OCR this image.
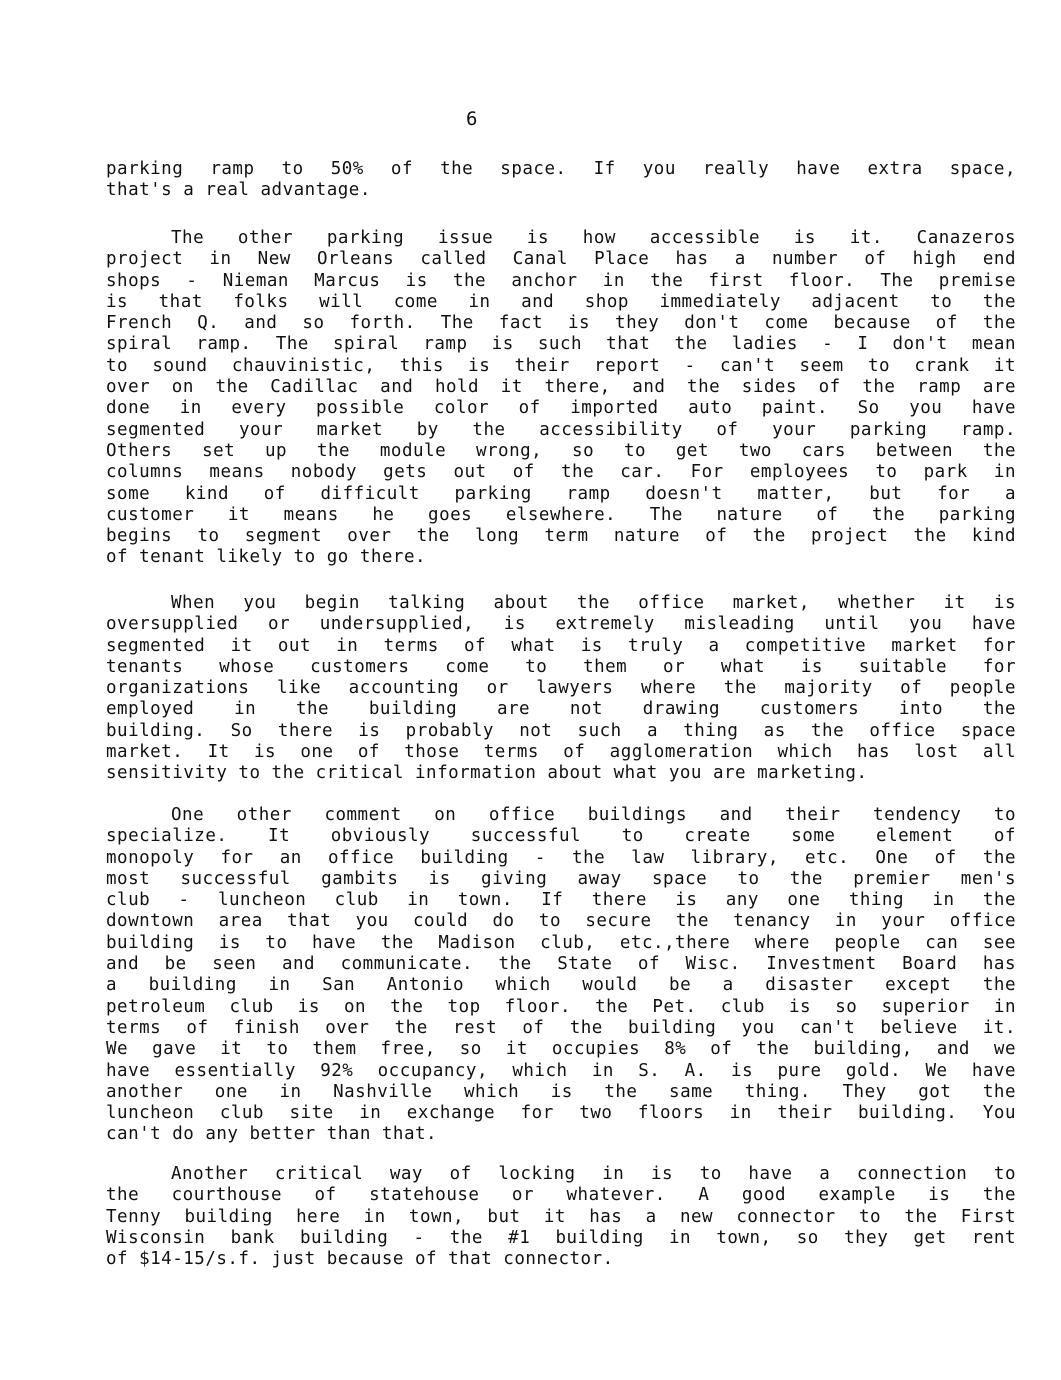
6
parking ramp to 50% of the space. If you really have extra space,
that's a real advantage.
The other parking issue is how accessible is it. Canazeros
project in New Orleans called Canal Place has a number of high end
shops - Nieman Marcus is the anchor in the first floor. The premise
is that folks will come in and shop immediately adjacent to the
French Q. and so forth. The fact is they don't come because of the
spiral ramp. The spiral ramp is such that the ladies - I don't mean
to sound chauvinistic, this is their report - can't seem to crank it
over on the Cadillac and hold it there, and the sides of the ramp are
done in every possible color of imported auto paint. So you have
segmented your market by the accessibility of your parking ramp.
Others set up the module wrong, so to get two cars between the
columns means nobody gets out of the car. For employees to park in
some kind of difficult parking ramp doesn't matter, but for a
customer it means he goes elsewhere. The nature of the parking
begins to segment over the long term nature of the project the kind
of tenant likely to go there.
When you begin talking about the office market, whether it is
oversupplied or undersupplied, is extremely misleading until you have
segmented it out in terms of what is truly a competitive market for
tenants whose customers come to them or what is suitable for
organizations like accounting or lawyers where the majority of people
employed in the building are not drawing customers into the
building. So there is probably not such a thing as the office space
market. It is one of those terms of agglomeration which has lost all
sensitivity to the critical information about what you are marketing.
One other comment on office buildings and their tendency to
specialize. It obviously successful to create some element of
monopoly for an office building - the law library, etc. One of the
most successful gambits is giving away space to the premier men's
club - luncheon club in town. If there is any one thing in the
downtown area that you could do to secure the tenancy in your office
building is to have the Madison club, etc.,there where people can see
and be seen and communicate. the State of Wisc. Investment Board has
a building in San Antonio which would be a disaster except the
petroleum club is on the top floor. the Pet. club is so superior in
terms of finish over the rest of the building you can't believe it.
We gave it to them free, so it occupies 8% of the building, and we
have essentially 92% occupancy, which in S. A. is pure gold. We have
another one in Nashville which is the same thing. They got the
luncheon club site in exchange for two floors in their building. You
can't do any better than that.
Another critical way of locking in is to have a connection to
the courthouse of statehouse or whatever. A good example is the
Tenny building here in town, but it has a new connector to the First
Wisconsin bank building - the #1 building in town, so they get rent
of $14-15/s.f. just because of that connector.
